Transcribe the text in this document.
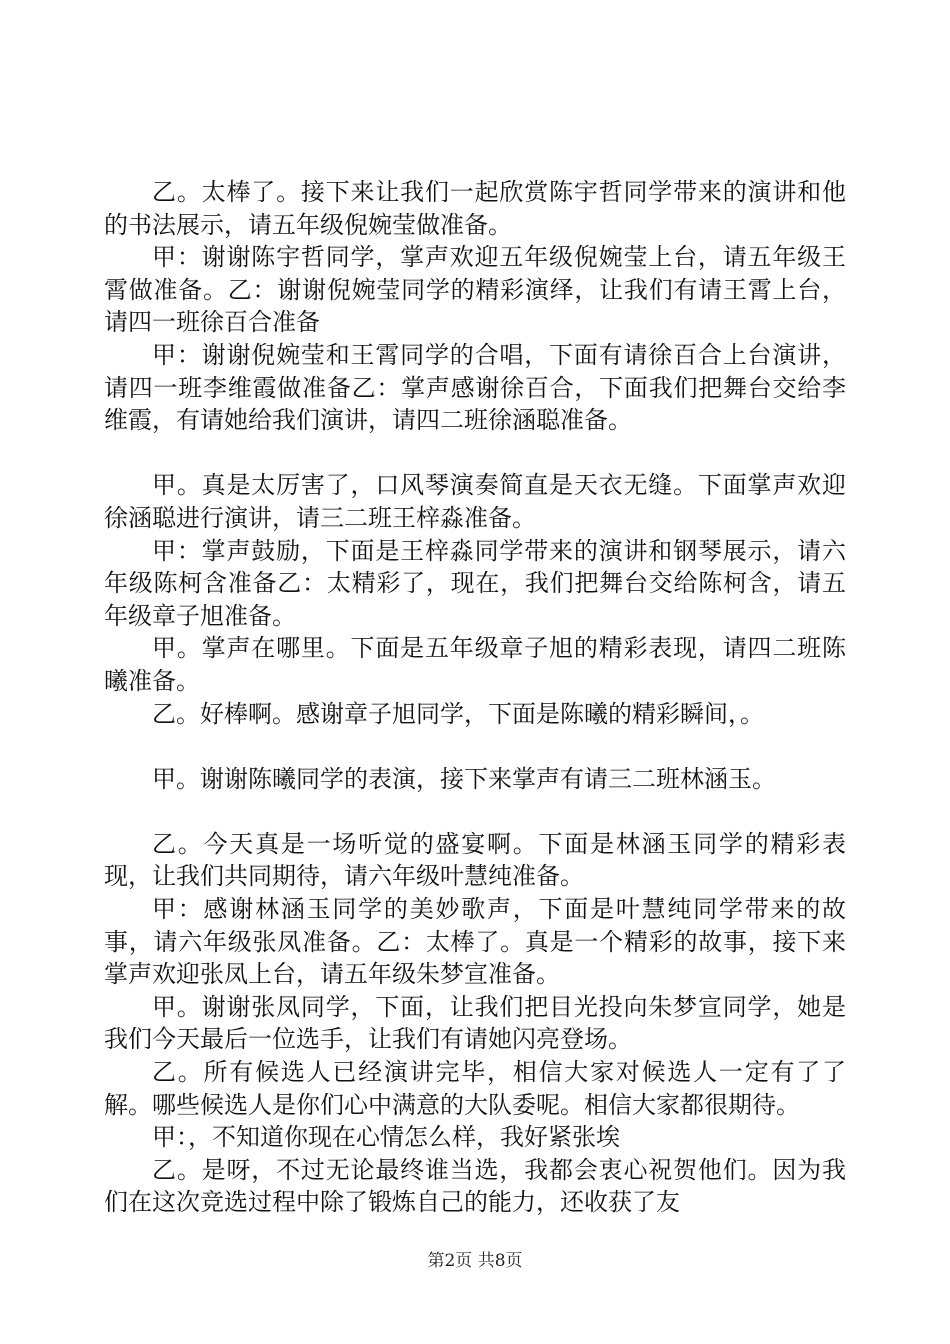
乙。太棒了。接下来让我们一起欣赏陈宇哲同学带来的演讲和他的书法展示，请五年级倪婉莹做准备。

甲：谢谢陈宇哲同学，掌声欢迎五年级倪婉莹上台，请五年级王霄做准备。乙：谢谢倪婉莹同学的精彩演绎，让我们有请王霄上台，请四一班徐百合准备

甲：谢谢倪婉莹和王霄同学的合唱，下面有请徐百合上台演讲，请四一班李维霞做准备乙：掌声感谢徐百合，下面我们把舞台交给李维霞，有请她给我们演讲，请四二班徐涵聪准备。

甲。真是太厉害了，口风琴演奏简直是天衣无缝。下面掌声欢迎徐涵聪进行演讲，请三二班王梓淼准备。

甲：掌声鼓励，下面是王梓淼同学带来的演讲和钢琴展示，请六年级陈柯含准备乙：太精彩了，现在，我们把舞台交给陈柯含，请五年级章子旭准备。

甲。掌声在哪里。下面是五年级章子旭的精彩表现，请四二班陈曦准备。

乙。好棒啊。感谢章子旭同学，下面是陈曦的精彩瞬间，。

甲。谢谢陈曦同学的表演，接下来掌声有请三二班林涵玉。

乙。今天真是一场听觉的盛宴啊。下面是林涵玉同学的精彩表现，让我们共同期待，请六年级叶慧纯准备。

甲：感谢林涵玉同学的美妙歌声，下面是叶慧纯同学带来的故事，请六年级张凤准备。乙：太棒了。真是一个精彩的故事，接下来掌声欢迎张凤上台，请五年级朱梦宣准备。

甲。谢谢张凤同学，下面，让我们把目光投向朱梦宣同学，她是我们今天最后一位选手，让我们有请她闪亮登场。

乙。所有候选人已经演讲完毕，相信大家对候选人一定有了了解。哪些候选人是你们心中满意的大队委呢。相信大家都很期待。

甲：，不知道你现在心情怎么样，我好紧张埃

乙。是呀，不过无论最终谁当选，我都会衷心祝贺他们。因为我们在这次竞选过程中除了锻炼自己的能力，还收获了友

第2页 共8页
